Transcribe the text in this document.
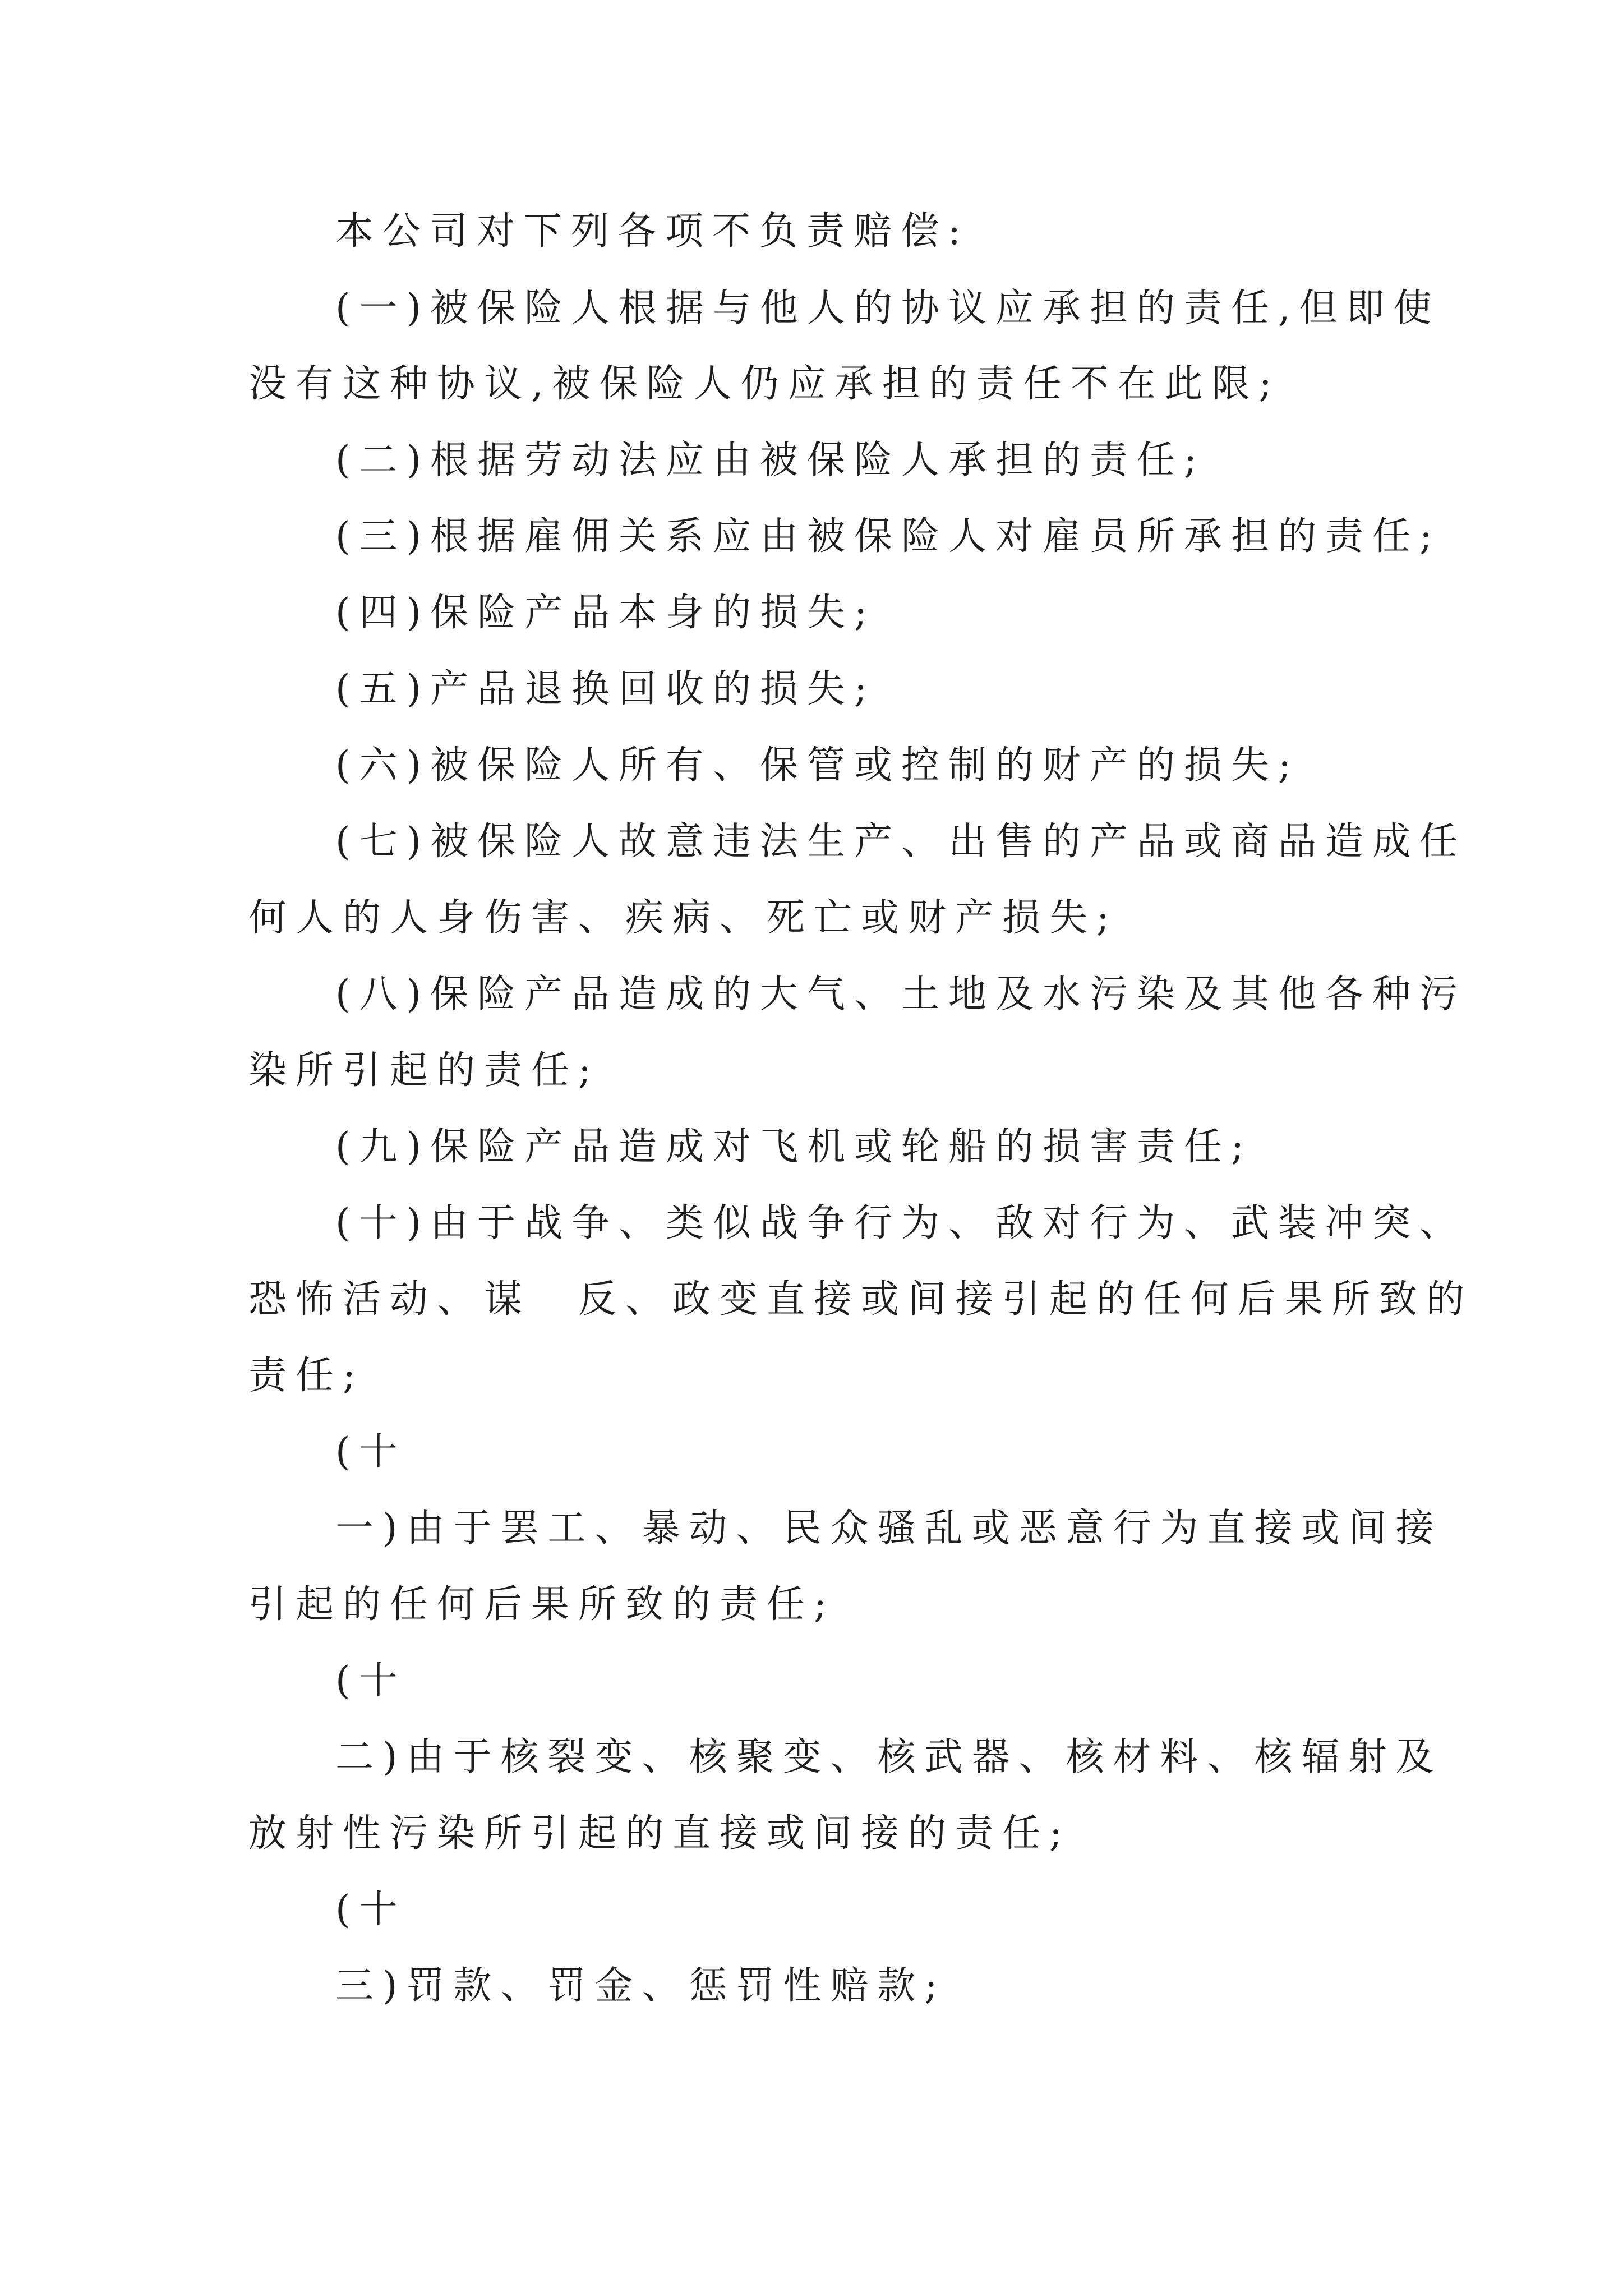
本公司对下列各项不负责赔偿:
(一)被保险人根据与他人的协议应承担的责任,但即使
没有这种协议,被保险人仍应承担的责任不在此限;
(二)根据劳动法应由被保险人承担的责任;
(三)根据雇佣关系应由被保险人对雇员所承担的责任;
(四)保险产品本身的损失;
(五)产品退换回收的损失;
(六)被保险人所有、保管或控制的财产的损失;
(七)被保险人故意违法生产、出售的产品或商品造成任
何人的人身伤害、疾病、死亡或财产损失;
(八)保险产品造成的大气、土地及水污染及其他各种污
染所引起的责任;
(九)保险产品造成对飞机或轮船的损害责任;
(十)由于战争、类似战争行为、敌对行为、武装冲突、
恐怖活动、谋　反、政变直接或间接引起的任何后果所致的
责任;
(十
一)由于罢工、暴动、民众骚乱或恶意行为直接或间接
引起的任何后果所致的责任;
(十
二)由于核裂变、核聚变、核武器、核材料、核辐射及
放射性污染所引起的直接或间接的责任;
(十
三)罚款、罚金、惩罚性赔款;
